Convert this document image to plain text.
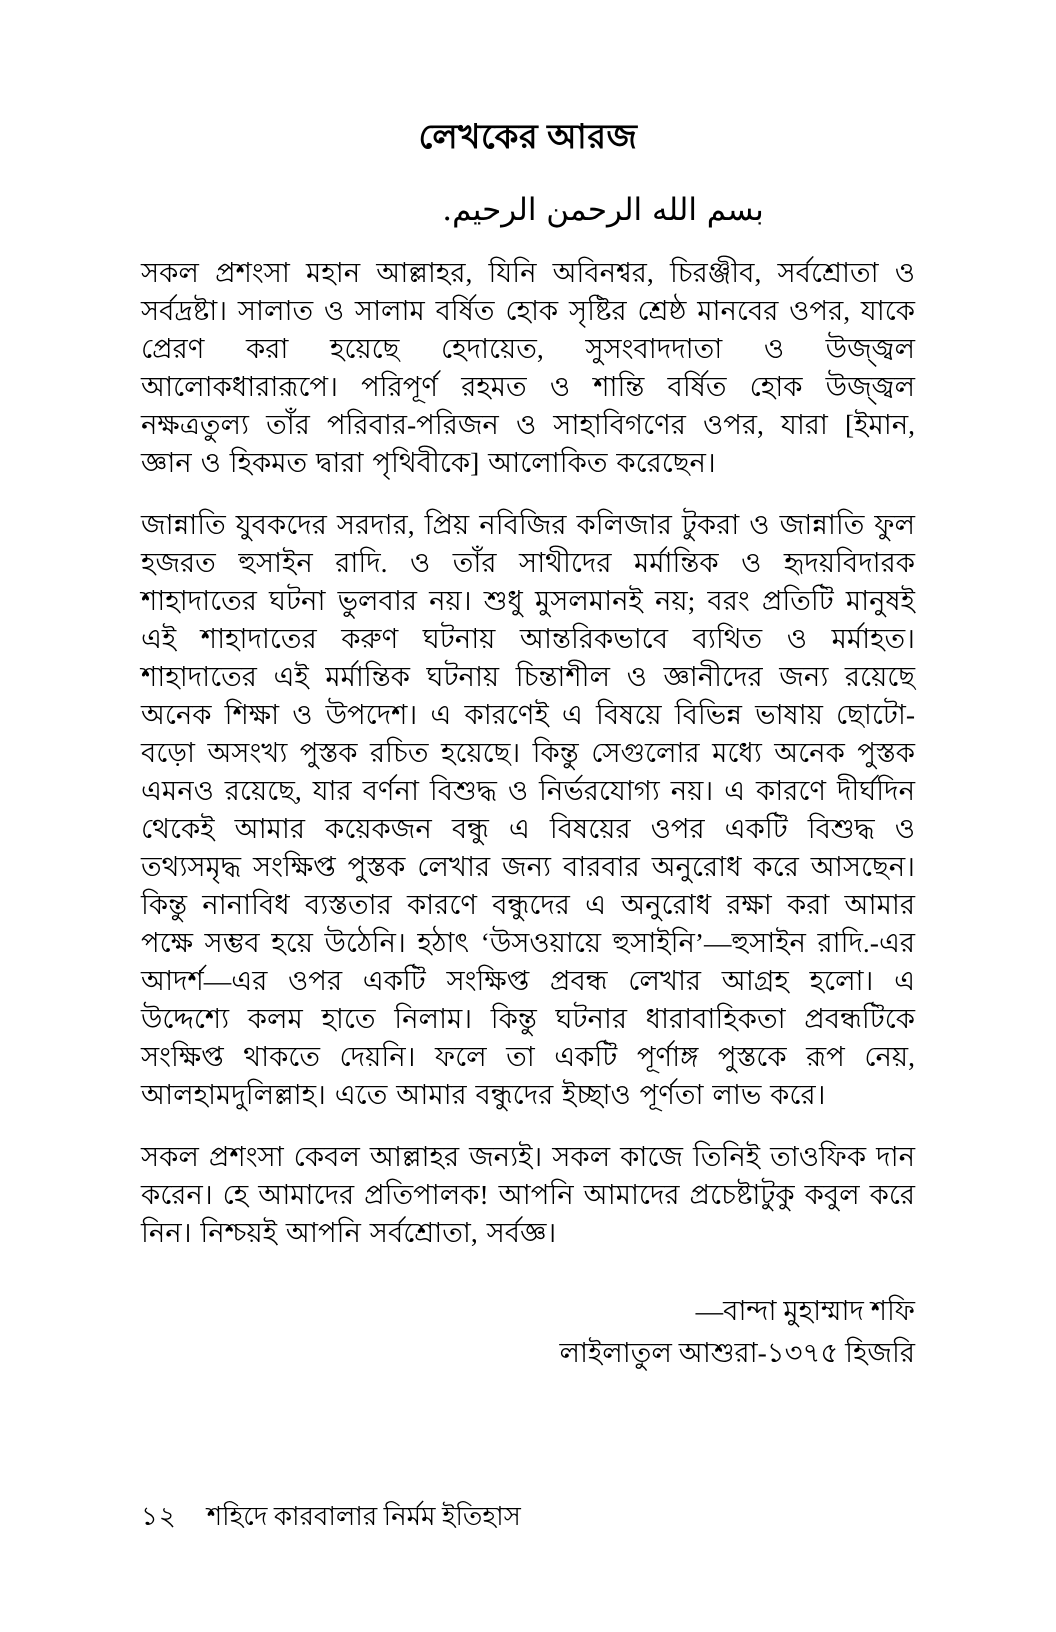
লেখকের আরজ
بسم الله الرحمن الرحيم.

সকল প্রশংসা মহান আল্লাহর, যিনি অবিনশ্বর, চিরঞ্জীব, সর্বশ্রোতা ও সর্বদ্রষ্টা। সালাত ও সালাম বর্ষিত হোক সৃষ্টির শ্রেষ্ঠ মানবের ওপর, যাকে প্রেরণ করা হয়েছে হেদায়েত, সুসংবাদদাতা ও উজ্জ্বল আলোকধারারূপে। পরিপূর্ণ রহমত ও শান্তি বর্ষিত হোক উজ্জ্বল নক্ষত্রতুল্য তাঁর পরিবার-পরিজন ও সাহাবিগণের ওপর, যারা [ইমান, জ্ঞান ও হিকমত দ্বারা পৃথিবীকে] আলোকিত করেছেন।

জান্নাতি যুবকদের সরদার, প্রিয় নবিজির কলিজার টুকরা ও জান্নাতি ফুল হজরত হুসাইন রাদি. ও তাঁর সাথীদের মর্মান্তিক ও হৃদয়বিদারক শাহাদাতের ঘটনা ভুলবার নয়। শুধু মুসলমানই নয়; বরং প্রতিটি মানুষই এই শাহাদাতের করুণ ঘটনায় আন্তরিকভাবে ব্যথিত ও মর্মাহত। শাহাদাতের এই মর্মান্তিক ঘটনায় চিন্তাশীল ও জ্ঞানীদের জন্য রয়েছে অনেক শিক্ষা ও উপদেশ। এ কারণেই এ বিষয়ে বিভিন্ন ভাষায় ছোটো-বড়ো অসংখ্য পুস্তক রচিত হয়েছে। কিন্তু সেগুলোর মধ্যে অনেক পুস্তক এমনও রয়েছে, যার বর্ণনা বিশুদ্ধ ও নির্ভরযোগ্য নয়। এ কারণে দীর্ঘদিন থেকেই আমার কয়েকজন বন্ধু এ বিষয়ের ওপর একটি বিশুদ্ধ ও তথ্যসমৃদ্ধ সংক্ষিপ্ত পুস্তক লেখার জন্য বারবার অনুরোধ করে আসছেন। কিন্তু নানাবিধ ব্যস্ততার কারণে বন্ধুদের এ অনুরোধ রক্ষা করা আমার পক্ষে সম্ভব হয়ে উঠেনি। হঠাৎ ‘উসওয়ায়ে হুসাইনি’—হুসাইন রাদি.-এর আদর্শ—এর ওপর একটি সংক্ষিপ্ত প্রবন্ধ লেখার আগ্রহ হলো। এ উদ্দেশ্যে কলম হাতে নিলাম। কিন্তু ঘটনার ধারাবাহিকতা প্রবন্ধটিকে সংক্ষিপ্ত থাকতে দেয়নি। ফলে তা একটি পূর্ণাঙ্গ পুস্তকে রূপ নেয়, আলহামদুলিল্লাহ। এতে আমার বন্ধুদের ইচ্ছাও পূর্ণতা লাভ করে।

সকল প্রশংসা কেবল আল্লাহর জন্যই। সকল কাজে তিনিই তাওফিক দান করেন। হে আমাদের প্রতিপালক! আপনি আমাদের প্রচেষ্টাটুকু কবুল করে নিন। নিশ্চয়ই আপনি সর্বশ্রোতা, সর্বজ্ঞ।

—বান্দা মুহাম্মাদ শফি
লাইলাতুল আশুরা-১৩৭৫ হিজরি
১২ শহিদে কারবালার নির্মম ইতিহাস
